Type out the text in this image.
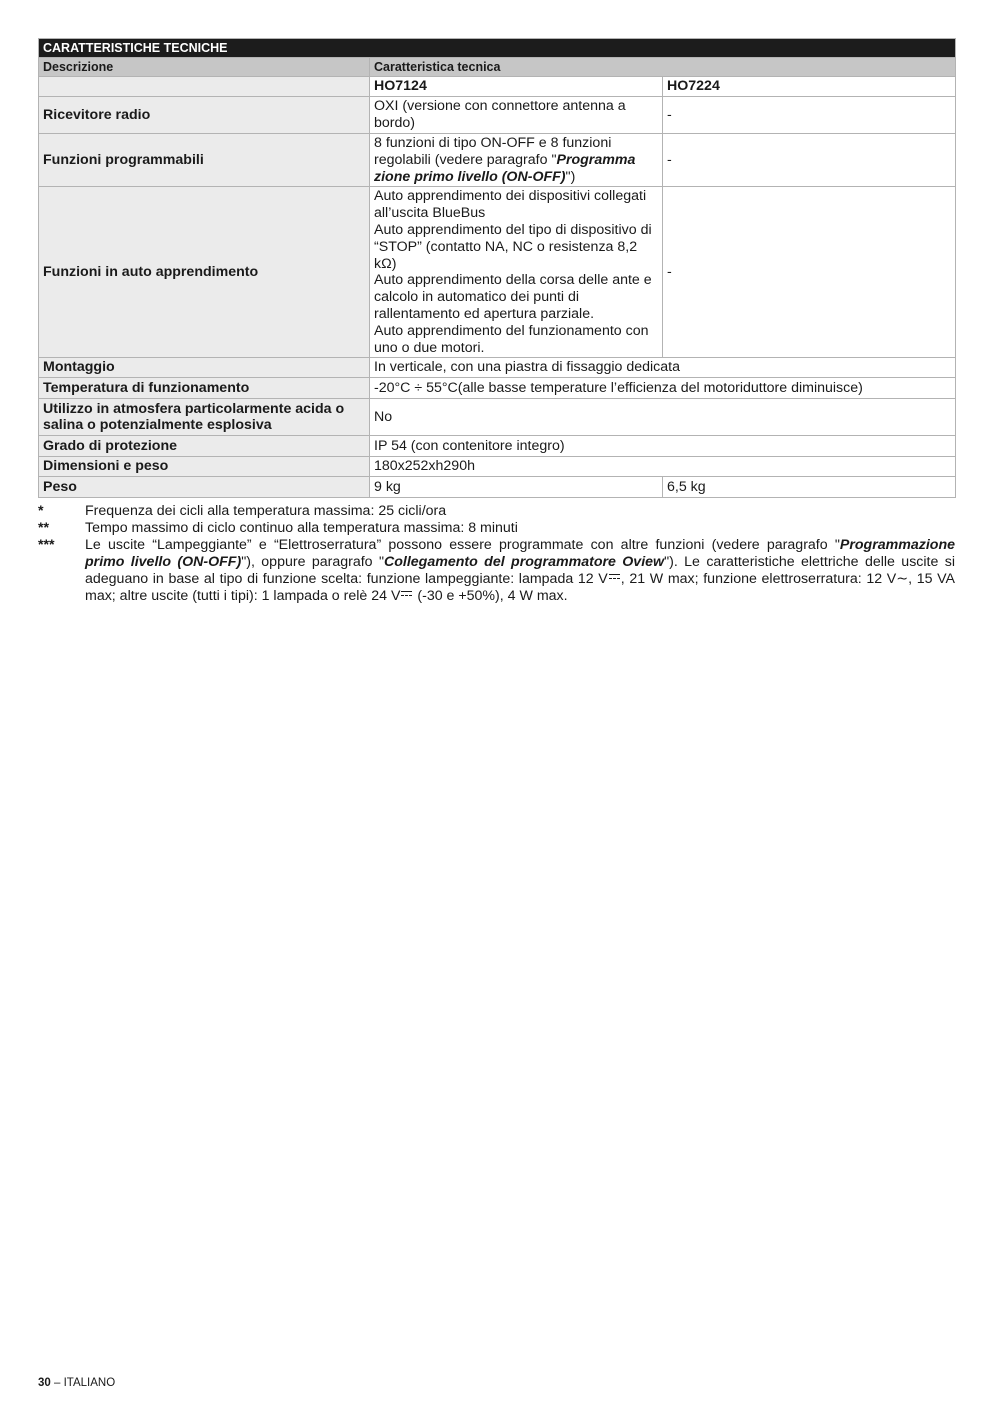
CARATTERISTICHE TECNICHE		
Descrizione	Caratteristica tecnica	
	HO7124	HO7224
Ricevitore radio	OXI (versione con connettore antenna a bordo)	-
Funzioni programmabili	8 funzioni di tipo ON-OFF e 8 funzioni regolabili (vedere paragrafo "Programma zione primo livello (ON-OFF)")	-
Funzioni in auto apprendimento	Auto apprendimento dei dispositivi collegati all’uscita BlueBus
Auto apprendimento del tipo di dispositivo di “STOP” (contatto NA, NC o resistenza 8,2 kΩ)
Auto apprendimento della corsa delle ante e calcolo in automatico dei punti di rallentamento ed apertura parziale.
Auto apprendimento del funzionamento con uno o due motori.	-
Montaggio	In verticale, con una piastra di fissaggio dedicata	
Temperatura di funzionamento	-20°C ÷ 55°C(alle basse temperature l’efficienza del motoriduttore diminuisce)	
Utilizzo in atmosfera particolarmente acida o salina o potenzialmente esplosiva	No	
Grado di protezione	IP 54 (con contenitore integro)	
Dimensioni e peso	180x252xh290h	
Peso	9 kg	6,5 kg
*	Frequenza dei cicli alla temperatura massima: 25 cicli/ora
**	Tempo massimo di ciclo continuo alla temperatura massima: 8 minuti
***	Le uscite “Lampeggiante” e “Elettroserratura” possono essere programmate con altre funzioni (vedere paragrafo "Programmazione primo livello (ON-OFF)"), oppure paragrafo "Collegamento del programmatore Oview"). Le caratteristiche elettriche delle uscite si adeguano in base al tipo di funzione scelta: funzione lampeggiante: lampada 12 V , 21 W max; funzione elettroserratura: 12 V∼, 15 VA max; altre uscite (tutti i tipi): 1 lampada o relè 24 V (-30 e +50%), 4 W max.
30 – ITALIANO
